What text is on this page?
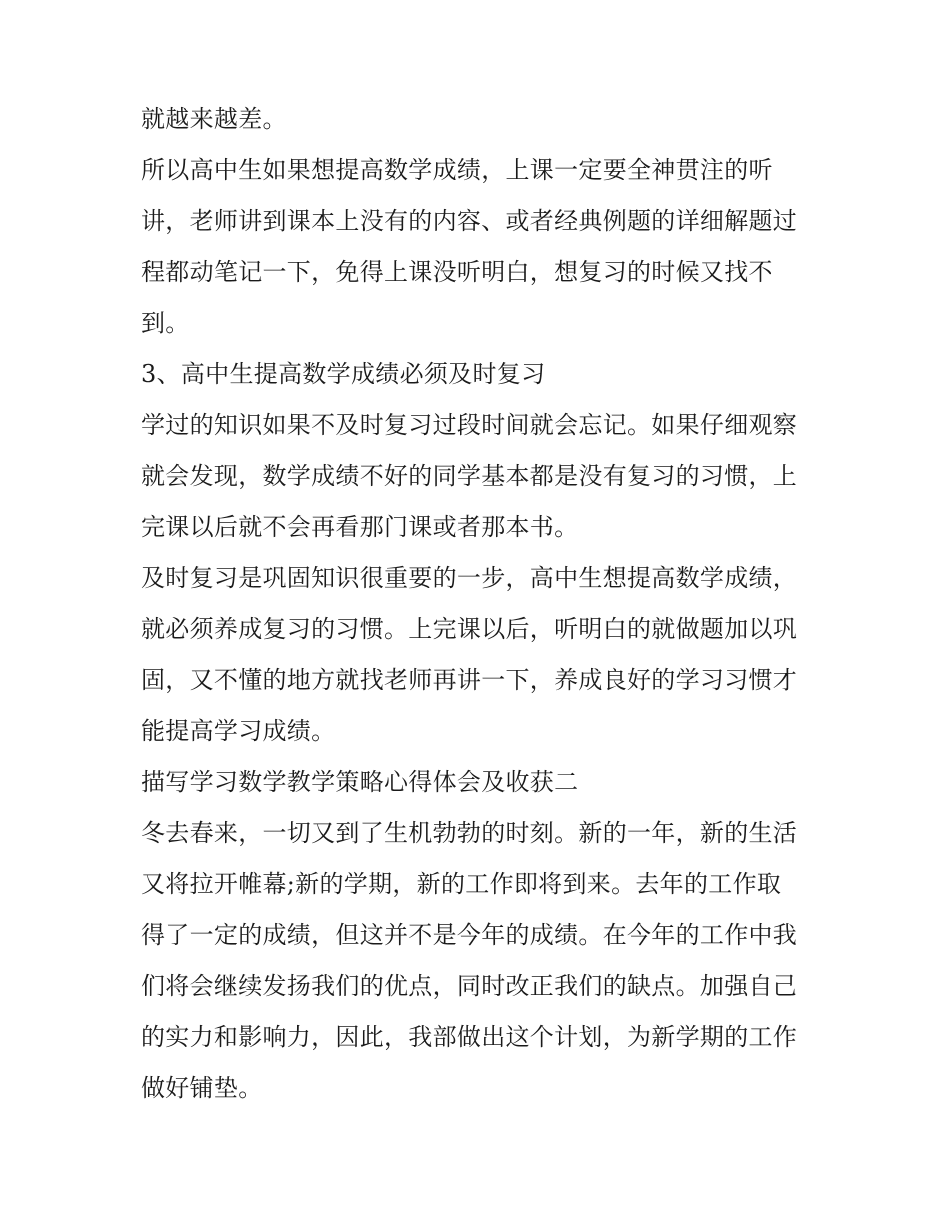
就越来越差。
所以高中生如果想提高数学成绩，上课一定要全神贯注的听
讲，老师讲到课本上没有的内容、或者经典例题的详细解题过
程都动笔记一下，免得上课没听明白，想复习的时候又找不
到。
3、高中生提高数学成绩必须及时复习
学过的知识如果不及时复习过段时间就会忘记。如果仔细观察
就会发现，数学成绩不好的同学基本都是没有复习的习惯，上
完课以后就不会再看那门课或者那本书。
及时复习是巩固知识很重要的一步，高中生想提高数学成绩，
就必须养成复习的习惯。上完课以后，听明白的就做题加以巩
固，又不懂的地方就找老师再讲一下，养成良好的学习习惯才
能提高学习成绩。
描写学习数学教学策略心得体会及收获二
冬去春来，一切又到了生机勃勃的时刻。新的一年，新的生活
又将拉开帷幕;新的学期，新的工作即将到来。去年的工作取
得了一定的成绩，但这并不是今年的成绩。在今年的工作中我
们将会继续发扬我们的优点，同时改正我们的缺点。加强自己
的实力和影响力，因此，我部做出这个计划，为新学期的工作
做好铺垫。
